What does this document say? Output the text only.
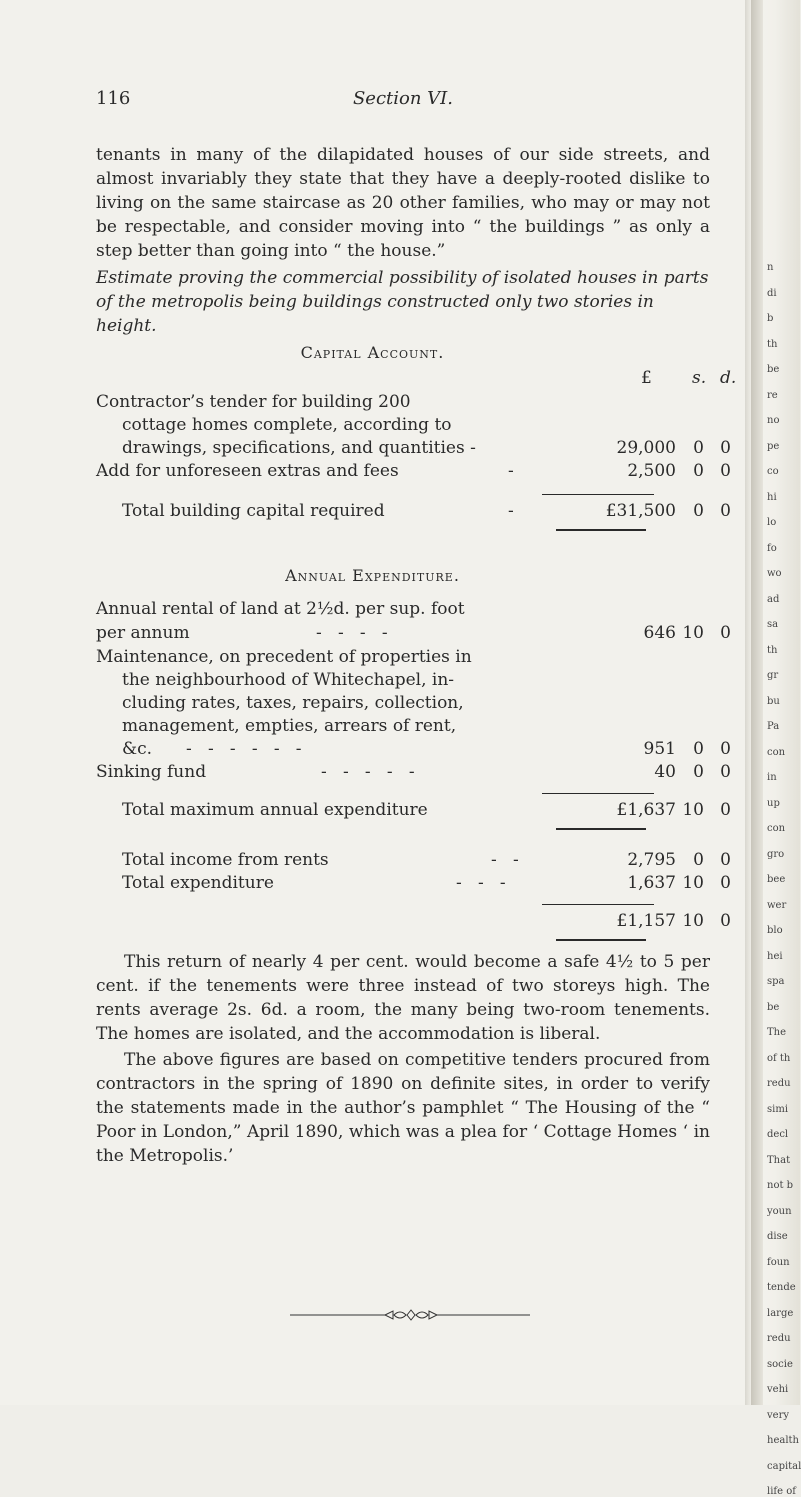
116	Section VI.

tenants in many of the dilapidated houses of our side streets, and almost invariably they state that they have a deeply-rooted dislike to living on the same staircase as 20 other families, who may or may not be respectable, and consider moving into “ the buildings ” as only a step better than going into “ the house.”

Estimate proving the commercial possibility of isolated houses in parts of the metropolis being buildings constructed only two stories in height.

Capital Account.
£ s. d.
Contractor’s tender for building 200
cottage homes complete, according to
drawings, specifications, and quantities -	29,000	0 0
Add for unforeseen extras and fees	-	2,500	0 0
Total building capital required	-	£31,500	0 0
Annual Expenditure.
Annual rental of land at 2½d. per sup. foot
per annum	-   -   -   -	646 10 0
Maintenance, on precedent of properties in
the neighbourhood of Whitechapel, in-
cluding rates, taxes, repairs, collection,
management, empties, arrears of rent,
&c.	-   -   -   -   -   -	951	0 0
Sinking fund	-   -   -   -   -	40	0 0
Total maximum annual expenditure	£1,637 10 0
Total income from rents	-   -	2,795	0 0
Total expenditure	-   -   -	1,637 10 0
£1,157 10 0

This return of nearly 4 per cent. would become a safe 4½ to 5 per cent. if the tenements were three instead of two storeys high. The rents average 2s. 6d. a room, the many being two-room tenements. The homes are isolated, and the accommodation is liberal.

The above figures are based on competitive tenders procured from contractors in the spring of 1890 on definite sites, in order to verify the statements made in the author’s pamphlet “ The Housing of the “ Poor in London,” April 1890, which was a plea for ‘ Cottage Homes ‘ in the Metropolis.’

n
di
b
th
be
re
no
pe
co
hi
lo
fo
wo
ad
sa
th
gr
bu
Pa
con
in
up
con
gro
bee
wer
blo
hei
spa
be
The
of th
redu
simi
decl
That
not b
youn
dise
foun
tende
large
redu
socie
vehi
very
health
capital
life of
